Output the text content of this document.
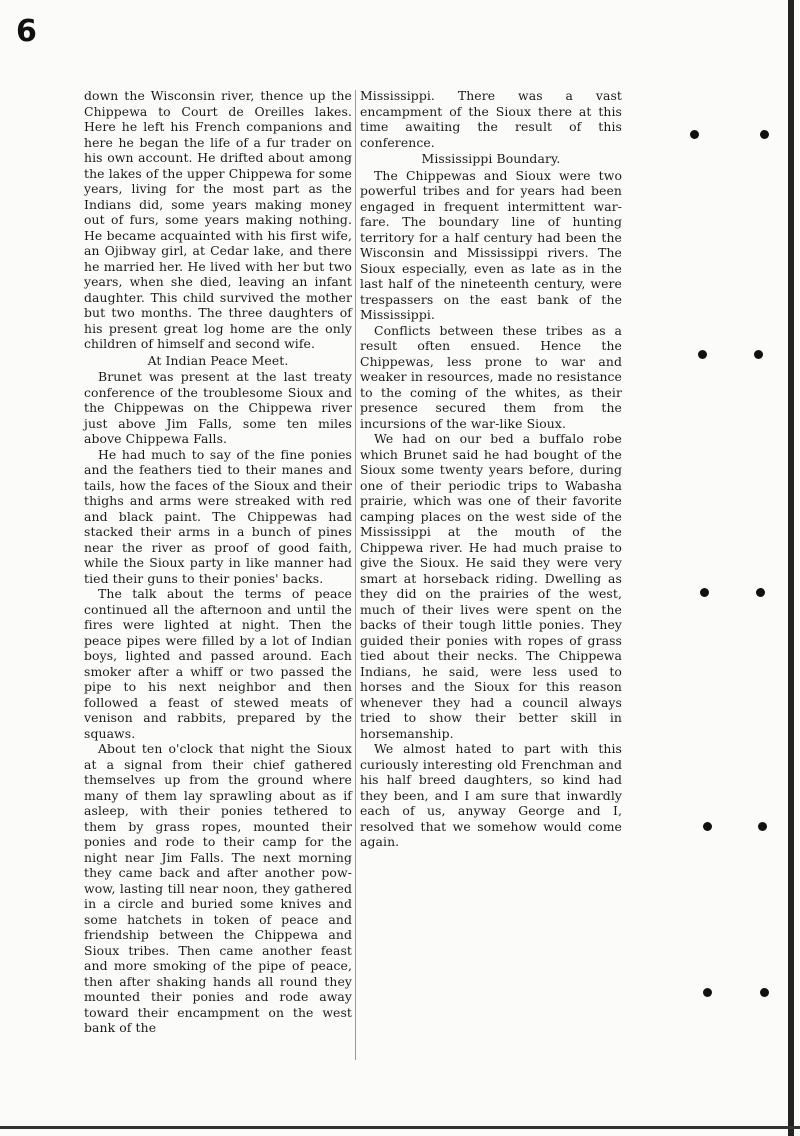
6

down the Wisconsin river, thence up the Chippewa to Court de Oreilles lakes. Here he left his French companions and here he began the life of a fur trader on his own account. He drifted about among the lakes of the upper Chippewa for some years, living for the most part as the Indians did, some years making money out of furs, some years making nothing. He became acquainted with his first wife, an Ojibway girl, at Cedar lake, and there he married her. He lived with her but two years, when she died, leaving an infant daughter. This child survived the mother but two months. The three daughters of his present great log home are the only children of himself and second wife.

At Indian Peace Meet.

Brunet was present at the last treaty conference of the troublesome Sioux and the Chippewas on the Chippewa river just above Jim Falls, some ten miles above Chippewa Falls.

He had much to say of the fine ponies and the feathers tied to their manes and tails, how the faces of the Sioux and their thighs and arms were streaked with red and black paint. The Chippewas had stacked their arms in a bunch of pines near the river as proof of good faith, while the Sioux party in like manner had tied their guns to their ponies' backs.

The talk about the terms of peace continued all the afternoon and until the fires were lighted at night. Then the peace pipes were filled by a lot of Indian boys, lighted and passed around. Each smoker after a whiff or two passed the pipe to his next neighbor and then followed a feast of stewed meats of venison and rabbits, prepared by the squaws.

About ten o'clock that night the Sioux at a signal from their chief gathered themselves up from the ground where many of them lay sprawling about as if asleep, with their ponies tethered to them by grass ropes, mounted their ponies and rode to their camp for the night near Jim Falls. The next morning they came back and after another pow-wow, lasting till near noon, they gathered in a circle and buried some knives and some hatchets in token of peace and friendship between the Chippewa and Sioux tribes. Then came another feast and more smoking of the pipe of peace, then after shaking hands all round they mounted their ponies and rode away toward their encampment on the west bank of the

Mississippi. There was a vast encampment of the Sioux there at this time awaiting the result of this conference.

Mississippi Boundary.

The Chippewas and Sioux were two powerful tribes and for years had been engaged in frequent intermittent war-fare. The boundary line of hunting territory for a half century had been the Wisconsin and Mississippi rivers. The Sioux especially, even as late as in the last half of the nineteenth century, were trespassers on the east bank of the Mississippi.

Conflicts between these tribes as a result often ensued. Hence the Chippewas, less prone to war and weaker in resources, made no resistance to the coming of the whites, as their presence secured them from the incursions of the war-like Sioux.

We had on our bed a buffalo robe which Brunet said he had bought of the Sioux some twenty years before, during one of their periodic trips to Wabasha prairie, which was one of their favorite camping places on the west side of the Mississippi at the mouth of the Chippewa river. He had much praise to give the Sioux. He said they were very smart at horseback riding. Dwelling as they did on the prairies of the west, much of their lives were spent on the backs of their tough little ponies. They guided their ponies with ropes of grass tied about their necks. The Chippewa Indians, he said, were less used to horses and the Sioux for this reason whenever they had a council always tried to show their better skill in horsemanship.

We almost hated to part with this curiously interesting old Frenchman and his half breed daughters, so kind had they been, and I am sure that inwardly each of us, anyway George and I, resolved that we somehow would come again.
